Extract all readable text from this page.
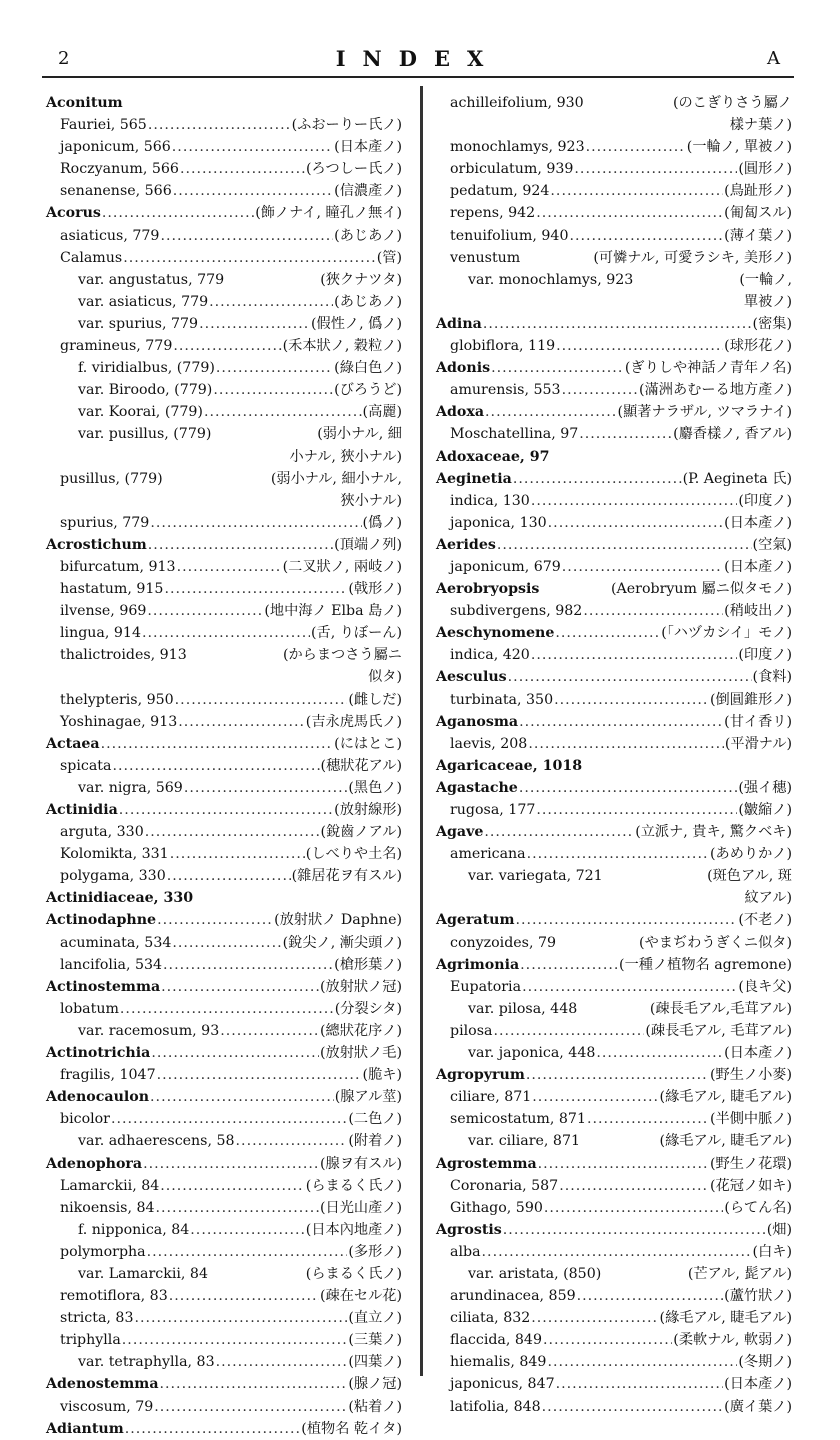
2	INDEX	A
Aconitum
Fauriei, 565 .....	(ふおーりー氏ノ)
japonicum, 566 .....	(日本產ノ)
Roczyanum, 566 .....	(ろつしー氏ノ)
senanense, 566 .....	(信濃產ノ)
Acorus .....	(飾ノナイ, 瞳孔ノ無イ)
asiaticus, 779 .....	(あじあノ)
Calamus .....	(管)
var. angustatus, 779	(狹クナツタ)
var. asiaticus, 779 .....	(あじあノ)
var. spurius, 779 .....	(假性ノ, 僞ノ)
gramineus, 779 .....	(禾本狀ノ, 穀粒ノ)
f. viridialbus, (779) .....	(綠白色ノ)
var. Biroodo, (779) .....	(びろうど)
var. Koorai, (779) .....	(高麗)
var. pusillus, (779)	(弱小ナル, 細
小ナル, 狹小ナル)
pusillus, (779)	(弱小ナル, 細小ナル,
狹小ナル)
spurius, 779 .....	(僞ノ)
Acrostichum .....	(頂端ノ列)
bifurcatum, 913 .....	(二叉狀ノ, 兩岐ノ)
hastatum, 915 .....	(戟形ノ)
ilvense, 969 .....	(地中海ノ Elba 島ノ)
lingua, 914 .....	(舌, りぼーん)
thalictroides, 913	(からまつさう屬ニ
似タ)
thelypteris, 950 .....	(雌しだ)
Yoshinagae, 913 .....	(吉永虎馬氏ノ)
Actaea .....	(にはとこ)
spicata .....	(穗狀花アル)
var. nigra, 569 .....	(黑色ノ)
Actinidia .....	(放射線形)
arguta, 330 .....	(銳齒ノアル)
Kolomikta, 331 .....	(しべりや土名)
polygama, 330 .....	(雜居花ヲ有スル)
Actinidiaceae, 330
Actinodaphne .....	(放射狀ノ Daphne)
acuminata, 534 .....	(銳尖ノ, 漸尖頭ノ)
lancifolia, 534 .....	(槍形葉ノ)
Actinostemma .....	(放射狀ノ冠)
lobatum .....	(分裂シタ)
var. racemosum, 93 .....	(總狀花序ノ)
Actinotrichia .....	(放射狀ノ毛)
fragilis, 1047 .....	(脆キ)
Adenocaulon .....	(腺アル莖)
bicolor .....	(二色ノ)
var. adhaerescens, 58 .....	(附着ノ)
Adenophora .....	(腺ヲ有スル)
Lamarckii, 84 .....	(らまるく氏ノ)
nikoensis, 84 .....	(日光山產ノ)
f. nipponica, 84 .....	(日本內地產ノ)
polymorpha .....	(多形ノ)
var. Lamarckii, 84	(らまるく氏ノ)
remotiflora, 83 .....	(疎在セル花)
stricta, 83 .....	(直立ノ)
triphylla .....	(三葉ノ)
var. tetraphylla, 83 .....	(四葉ノ)
Adenostemma .....	(腺ノ冠)
viscosum, 79 .....	(粘着ノ)
Adiantum .....	(植物名 乾イタ)
achilleifolium, 930	(のこぎりさう屬ノ
樣ナ葉ノ)
monochlamys, 923 .....	(一輪ノ, 單被ノ)
orbiculatum, 939 .....	(圓形ノ)
pedatum, 924 .....	(鳥趾形ノ)
repens, 942 .....	(匍匐スル)
tenuifolium, 940 .....	(薄イ葉ノ)
venustum	(可憐ナル, 可愛ラシキ, 美形ノ)
var. monochlamys, 923	(一輪ノ,
單被ノ)
Adina .....	(密集)
globiflora, 119 .....	(球形花ノ)
Adonis .....	(ぎりしや神話ノ青年ノ名)
amurensis, 553 .....	(滿洲あむーる地方產ノ)
Adoxa .....	(顯著ナラザル, ツマラナイ)
Moschatellina, 97 .....	(麝香樣ノ, 香アル)
Adoxaceae, 97
Aeginetia .....	(P. Aegineta 氏)
indica, 130 .....	(印度ノ)
japonica, 130 .....	(日本產ノ)
Aerides .....	(空氣)
japonicum, 679 .....	(日本產ノ)
Aerobryopsis	(Aerobryum 屬ニ似タモノ)
subdivergens, 982 .....	(稍岐出ノ)
Aeschynomene .....	(「ハヅカシイ」モノ)
indica, 420 .....	(印度ノ)
Aesculus .....	(食料)
turbinata, 350 .....	(倒圓錐形ノ)
Aganosma .....	(甘イ香リ)
laevis, 208 .....	(平滑ナル)
Agaricaceae, 1018
Agastache .....	(强イ穗)
rugosa, 177 .....	(皺縮ノ)
Agave .....	(立派ナ, 貴キ, 驚クベキ)
americana .....	(あめりかノ)
var. variegata, 721	(斑色アル, 斑
紋アル)
Ageratum .....	(不老ノ)
conyzoides, 79	(やまぢわうぎくニ似タ)
Agrimonia .....	(一種ノ植物名 agremone)
Eupatoria .....	(良キ父)
var. pilosa, 448	(疎長毛アル,毛茸アル)
pilosa .....	(疎長毛アル, 毛茸アル)
var. japonica, 448 .....	(日本產ノ)
Agropyrum .....	(野生ノ小麥)
ciliare, 871 .....	(緣毛アル, 睫毛アル)
semicostatum, 871 .....	(半側中脈ノ)
var. ciliare, 871	(緣毛アル, 睫毛アル)
Agrostemma .....	(野生ノ花環)
Coronaria, 587 .....	(花冠ノ如キ)
Githago, 590 .....	(らてん名)
Agrostis .....	(畑)
alba .....	(白キ)
var. aristata, (850)	(芒アル, 髭アル)
arundinacea, 859 .....	(蘆竹狀ノ)
ciliata, 832 .....	(緣毛アル, 睫毛アル)
flaccida, 849 .....	(柔軟ナル, 軟弱ノ)
hiemalis, 849 .....	(冬期ノ)
japonicus, 847 .....	(日本產ノ)
latifolia, 848 .....	(廣イ葉ノ)
